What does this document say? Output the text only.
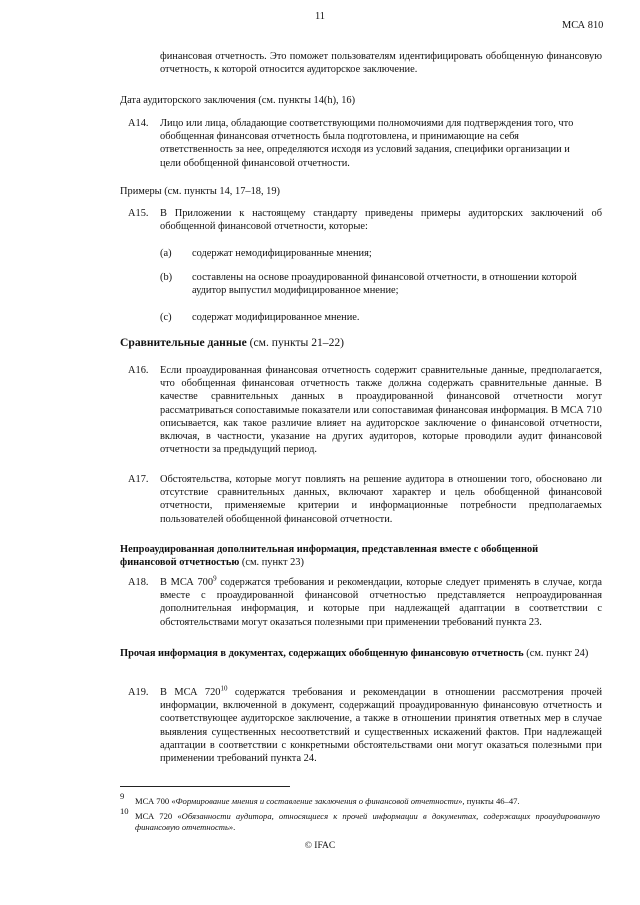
11
МСА 810
финансовая отчетность. Это поможет пользователям идентифицировать обобщенную финансовую отчетность, к которой относится аудиторское заключение.
Дата аудиторского заключения (см. пункты 14(h), 16)
A14. Лицо или лица, обладающие соответствующими полномочиями для подтверждения того, что обобщенная финансовая отчетность была подготовлена, и принимающие на себя ответственность за нее, определяются исходя из условий задания, специфики организации и цели обобщенной финансовой отчетности.
Примеры (см. пункты 14, 17–18, 19)
A15. В Приложении к настоящему стандарту приведены примеры аудиторских заключений об обобщенной финансовой отчетности, которые:
(a) содержат немодифицированные мнения;
(b) составлены на основе проаудированной финансовой отчетности, в отношении которой аудитор выпустил модифицированное мнение;
(c) содержат модифицированное мнение.
Сравнительные данные (см. пункты 21–22)
A16. Если проаудированная финансовая отчетность содержит сравнительные данные, предполагается, что обобщенная финансовая отчетность также должна содержать сравнительные данные. В качестве сравнительных данных в проаудированной финансовой отчетности могут рассматриваться сопоставимые показатели или сопоставимая финансовая информация. В МСА 710 описывается, как такое различие влияет на аудиторское заключение о финансовой отчетности, включая, в частности, указание на других аудиторов, которые проводили аудит финансовой отчетности за предыдущий период.
A17. Обстоятельства, которые могут повлиять на решение аудитора в отношении того, обосновано ли отсутствие сравнительных данных, включают характер и цель обобщенной финансовой отчетности, применяемые критерии и информационные потребности предполагаемых пользователей обобщенной финансовой отчетности.
Непроаудированная дополнительная информация, представленная вместе с обобщенной финансовой отчетностью (см. пункт 23)
A18. В МСА $700^9$ содержатся требования и рекомендации, которые следует применять в случае, когда вместе с проаудированной финансовой отчетностью представляется непроаудированная дополнительная информация, и которые при надлежащей адаптации в соответствии с обстоятельствами могут оказаться полезными при применении требований пункта 23.
Прочая информация в документах, содержащих обобщенную финансовую отчетность (см. пункт 24)
A19. В МСА $720^{10}$ содержатся требования и рекомендации в отношении рассмотрения прочей информации, включенной в документ, содержащий проаудированную финансовую отчетность и соответствующее аудиторское заключение, а также в отношении принятия ответных мер в случае выявления существенных несоответствий и существенных искажений фактов. При надлежащей адаптации в соответствии с конкретными обстоятельствами они могут оказаться полезными при применении требований пункта 24.
9 МСА 700 «Формирование мнения и составление заключения о финансовой отчетности», пункты 46–47.
10 МСА 720 «Обязанности аудитора, относящиеся к прочей информации в документах, содержащих проаудированную финансовую отчетность».
© IFAC
